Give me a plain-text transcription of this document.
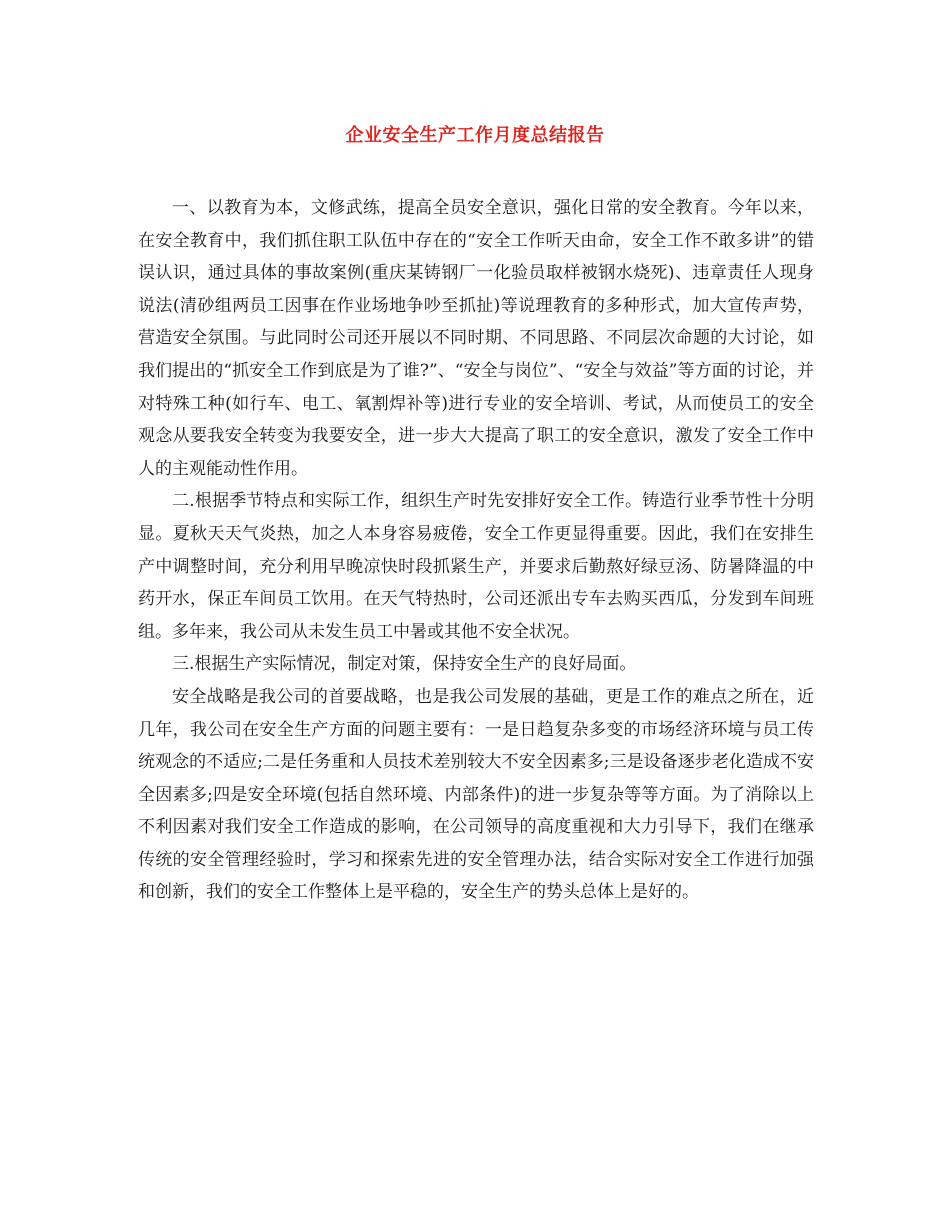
企业安全生产工作月度总结报告

一、以教育为本，文修武练，提高全员安全意识，强化日常的安全教育。今年以来，在安全教育中，我们抓住职工队伍中存在的“安全工作听天由命，安全工作不敢多讲”的错误认识，通过具体的事故案例(重庆某铸钢厂一化验员取样被钢水烧死)、违章责任人现身说法(清砂组两员工因事在作业场地争吵至抓扯)等说理教育的多种形式，加大宣传声势，营造安全氛围。与此同时公司还开展以不同时期、不同思路、不同层次命题的大讨论，如我们提出的“抓安全工作到底是为了谁?”、“安全与岗位”、“安全与效益”等方面的讨论，并对特殊工种(如行车、电工、氧割焊补等)进行专业的安全培训、考试，从而使员工的安全观念从要我安全转变为我要安全，进一步大大提高了职工的安全意识，激发了安全工作中人的主观能动性作用。

二.根据季节特点和实际工作，组织生产时先安排好安全工作。铸造行业季节性十分明显。夏秋天天气炎热，加之人本身容易疲倦，安全工作更显得重要。因此，我们在安排生产中调整时间，充分利用早晚凉快时段抓紧生产，并要求后勤熬好绿豆汤、防暑降温的中药开水，保正车间员工饮用。在天气特热时，公司还派出专车去购买西瓜，分发到车间班组。多年来，我公司从未发生员工中暑或其他不安全状况。

三.根据生产实际情况，制定对策，保持安全生产的良好局面。

安全战略是我公司的首要战略，也是我公司发展的基础，更是工作的难点之所在，近几年，我公司在安全生产方面的问题主要有：一是日趋复杂多变的市场经济环境与员工传统观念的不适应;二是任务重和人员技术差别较大不安全因素多;三是设备逐步老化造成不安全因素多;四是安全环境(包括自然环境、内部条件)的进一步复杂等等方面。为了消除以上不利因素对我们安全工作造成的影响，在公司领导的高度重视和大力引导下，我们在继承传统的安全管理经验时，学习和探索先进的安全管理办法，结合实际对安全工作进行加强和创新，我们的安全工作整体上是平稳的，安全生产的势头总体上是好的。
